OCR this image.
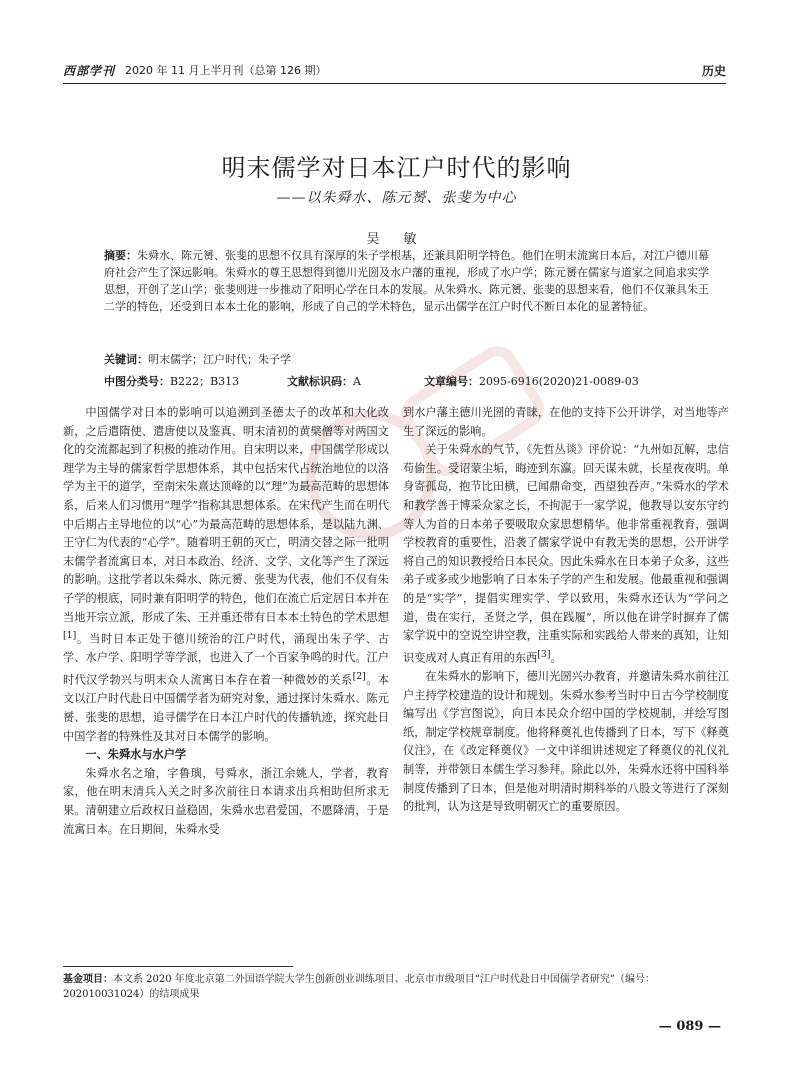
西部学刊 2020 年 11 月上半月刊（总第 126 期）	历史
明末儒学对日本江户时代的影响
——以朱舜水、陈元赟、张斐为中心
吴 敏

摘要：朱舜水、陈元赟、张斐的思想不仅具有深厚的朱子学根基，还兼具阳明学特色。他们在明末流寓日本后，对江户德川幕府社会产生了深远影响。朱舜水的尊王思想得到德川光圀及水户藩的重视，形成了水户学；陈元赟在儒家与道家之间追求实学思想，开创了芝山学；张斐则进一步推动了阳明心学在日本的发展。从朱舜水、陈元赟、张斐的思想来看，他们不仅兼具朱王二学的特色，还受到日本本土化的影响，形成了自己的学术特色，显示出儒学在江户时代不断日本化的显著特征。

关键词：明末儒学；江户时代；朱子学
中图分类号：B222；B313	文献标识码：A	文章编号：2095-6916(2020)21-0089-03

中国儒学对日本的影响可以追溯到圣德太子的改革和大化改新，之后遣隋使、遣唐使以及鉴真、明末清初的黄檗僧等对两国文化的交流都起到了积极的推动作用。自宋明以来，中国儒学形成以理学为主导的儒家哲学思想体系，其中包括宋代占统治地位的以洛学为主干的道学，至南宋朱熹达顶峰的以“理”为最高范畴的思想体系，后来人们习惯用“理学”指称其思想体系。在宋代产生而在明代中后期占主导地位的以“心”为最高范畴的思想体系，是以陆九渊、王守仁为代表的“心学”。随着明王朝的灭亡，明清交替之际一批明末儒学者流寓日本，对日本政治、经济、文学、文化等产生了深远的影响。这批学者以朱舜水、陈元赟、张斐为代表，他们不仅有朱子学的根底，同时兼有阳明学的特色，他们在流亡后定居日本并在当地开宗立派，形成了朱、王并重还带有日本本土特色的学术思想[1]。当时日本正处于德川统治的江户时代，涌现出朱子学、古学、水户学、阳明学等学派，也进入了一个百家争鸣的时代。江户时代汉学勃兴与明末众人流寓日本存在着一种微妙的关系[2]。本文以江户时代赴日中国儒学者为研究对象，通过探讨朱舜水、陈元赟、张斐的思想，追寻儒学在日本江户时代的传播轨迹，探究赴日中国学者的特殊性及其对日本儒学的影响。

一、朱舜水与水户学

朱舜水名之瑜，字鲁璵，号舜水，浙江余姚人，学者，教育家，他在明末清兵入关之时多次前往日本请求出兵相助但所求无果。清朝建立后政权日益稳固，朱舜水忠君爱国，不愿降清，于是流寓日本。在日期间，朱舜水受

到水户藩主德川光圀的青睐，在他的支持下公开讲学，对当地等产生了深远的影响。

关于朱舜水的气节，《先哲丛谈》评价说：“九州如瓦解，忠信苟偷生。受诏蒙尘垢，晦迹到东瀛。回天谋未就，长星夜夜明。单身寄孤岛，抱节比田横，已闻鼎命变，西望独吞声。”朱舜水的学术和教学善于博采众家之长，不拘泥于一家学说，他教导以安东守约等人为首的日本弟子要吸取众家思想精华。他非常重视教育，强调学校教育的重要性，沿袭了儒家学说中有教无类的思想，公开讲学将自己的知识教授给日本民众。因此朱舜水在日本弟子众多，这些弟子或多或少地影响了日本朱子学的产生和发展。他最重视和强调的是“实学”，提倡实理实学、学以致用，朱舜水还认为“学问之道，贵在实行，圣贤之学，俱在践履”，所以他在讲学时摒弃了儒家学说中的空说空讲空教，注重实际和实践给人带来的真知，让知识变成对人真正有用的东西[3]。

在朱舜水的影响下，德川光圀兴办教育，并邀请朱舜水前往江户主持学校建造的设计和规划。朱舜水参考当时中日古今学校制度编写出《学宫图说》，向日本民众介绍中国的学校规制，并绘写图纸，制定学校规章制度。他将释奠礼也传播到了日本，写下《释奠仪注》，在《改定释奠仪》一文中详细讲述规定了释奠仪的礼仪礼制等，并带领日本儒生学习参拜。除此以外，朱舜水还将中国科举制度传播到了日本，但是他对明清时期科举的八股文等进行了深刻的批判，认为这是导致明朝灭亡的重要原因。

基金项目：本文系 2020 年度北京第二外国语学院大学生创新创业训练项目、北京市市级项目“江户时代赴日中国儒学者研究”（编号：202010031024）的结项成果

— 089 —
